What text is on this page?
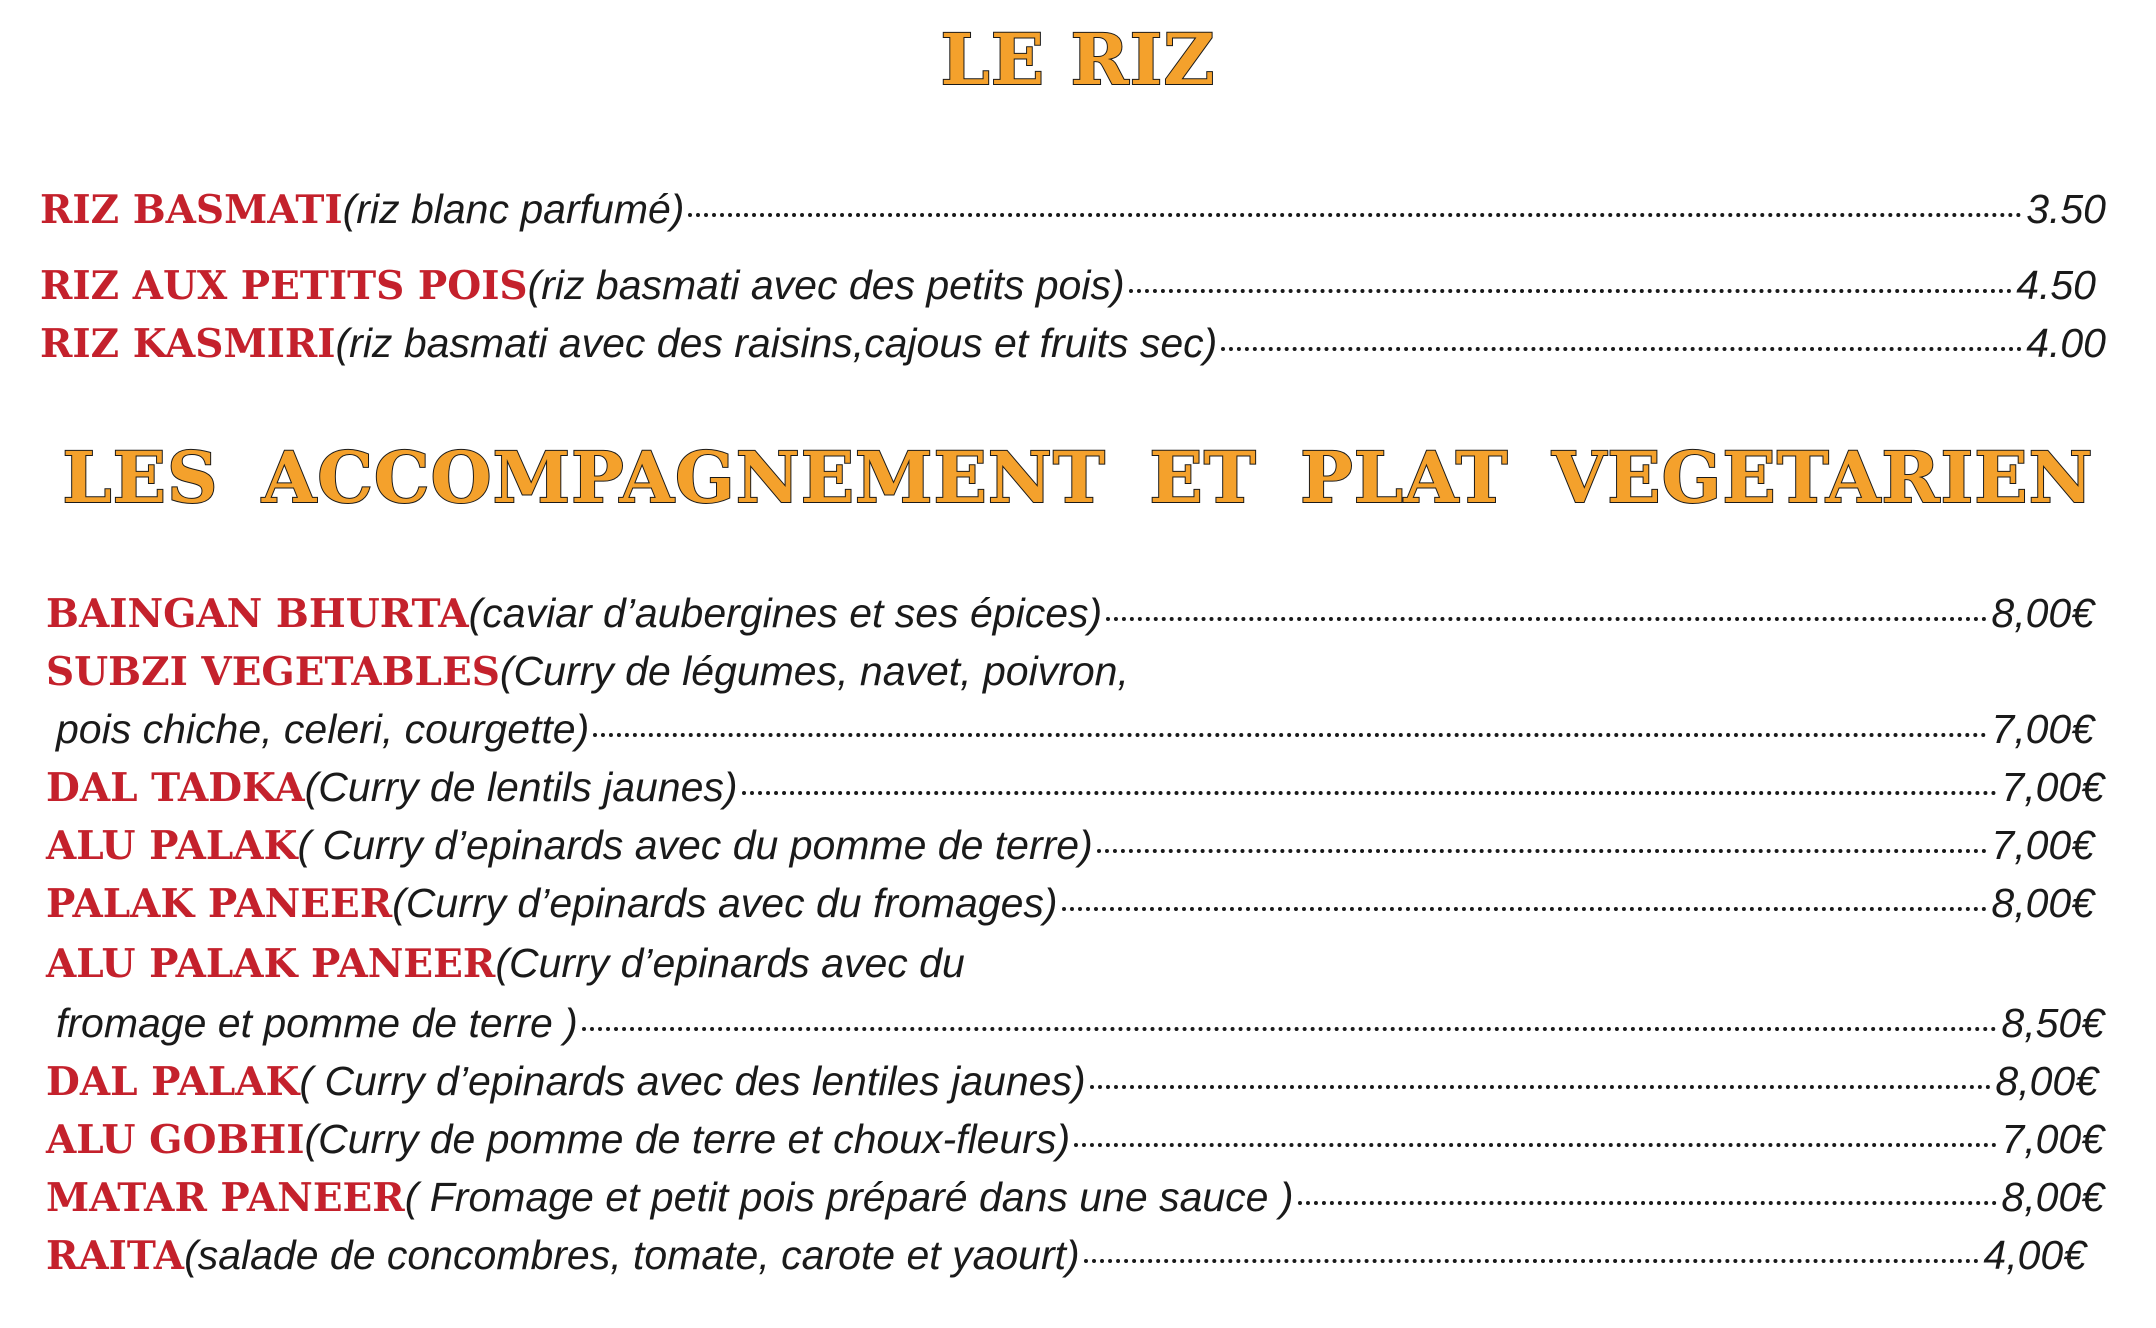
LE RIZ
RIZ BASMATI (riz blanc parfumé)	3.50
RIZ AUX PETITS POIS (riz basmati avec des petits pois)	4.50
RIZ KASMIRI (riz basmati avec des raisins,cajous et fruits sec)	4.00
LES ACCOMPAGNEMENT ET PLAT VEGETARIEN
BAINGAN BHURTA (caviar d’aubergines et ses épices)	8,00€
SUBZI VEGETABLES (Curry de légumes, navet, poivron,
pois chiche, celeri, courgette)	7,00€
DAL TADKA (Curry de lentils jaunes)	7,00€
ALU PALAK ( Curry d’epinards avec du pomme de terre)	7,00€
PALAK PANEER (Curry d’epinards avec du fromages)	8,00€
ALU PALAK PANEER (Curry d’epinards avec du
fromage et pomme de terre )	8,50€
DAL PALAK ( Curry d’epinards avec des lentiles jaunes)	8,00€
ALU GOBHI (Curry de pomme de terre et choux-fleurs)	7,00€
MATAR PANEER ( Fromage et petit pois préparé dans une sauce )	8,00€
RAITA (salade de concombres, tomate, carote et yaourt)	4,00€
